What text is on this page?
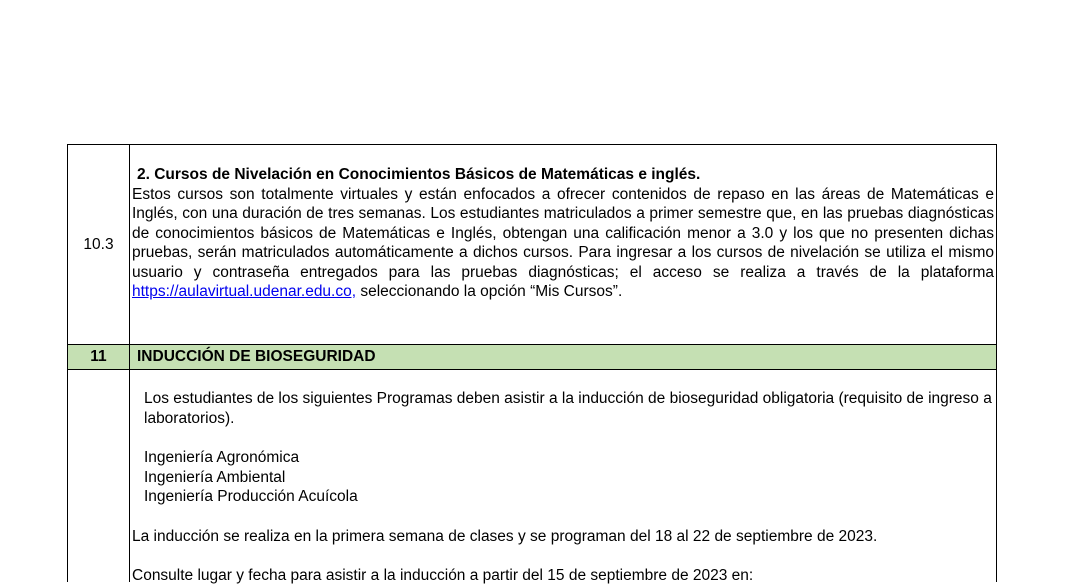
10.3
2. Cursos de Nivelación en Conocimientos Básicos de Matemáticas e inglés.
Estos cursos son totalmente virtuales y están enfocados a ofrecer contenidos de repaso en las áreas de Matemáticas e Inglés, con una duración de tres semanas. Los estudiantes matriculados a primer semestre que, en las pruebas diagnósticas de conocimientos básicos de Matemáticas e Inglés, obtengan una calificación menor a 3.0 y los que no presenten dichas pruebas, serán matriculados automáticamente a dichos cursos. Para ingresar a los cursos de nivelación se utiliza el mismo usuario y contraseña entregados para las pruebas diagnósticas; el acceso se realiza a través de la plataforma https://aulavirtual.udenar.edu.co, seleccionando la opción “Mis Cursos”.
11	INDUCCIÓN DE BIOSEGURIDAD
Los estudiantes de los siguientes Programas deben asistir a la inducción de bioseguridad obligatoria (requisito de ingreso a laboratorios).
Ingeniería Agronómica
Ingeniería Ambiental
Ingeniería Producción Acuícola
La inducción se realiza en la primera semana de clases y se programan del 18 al 22 de septiembre de 2023.
Consulte lugar y fecha para asistir a la inducción a partir del 15 de septiembre de 2023 en:
